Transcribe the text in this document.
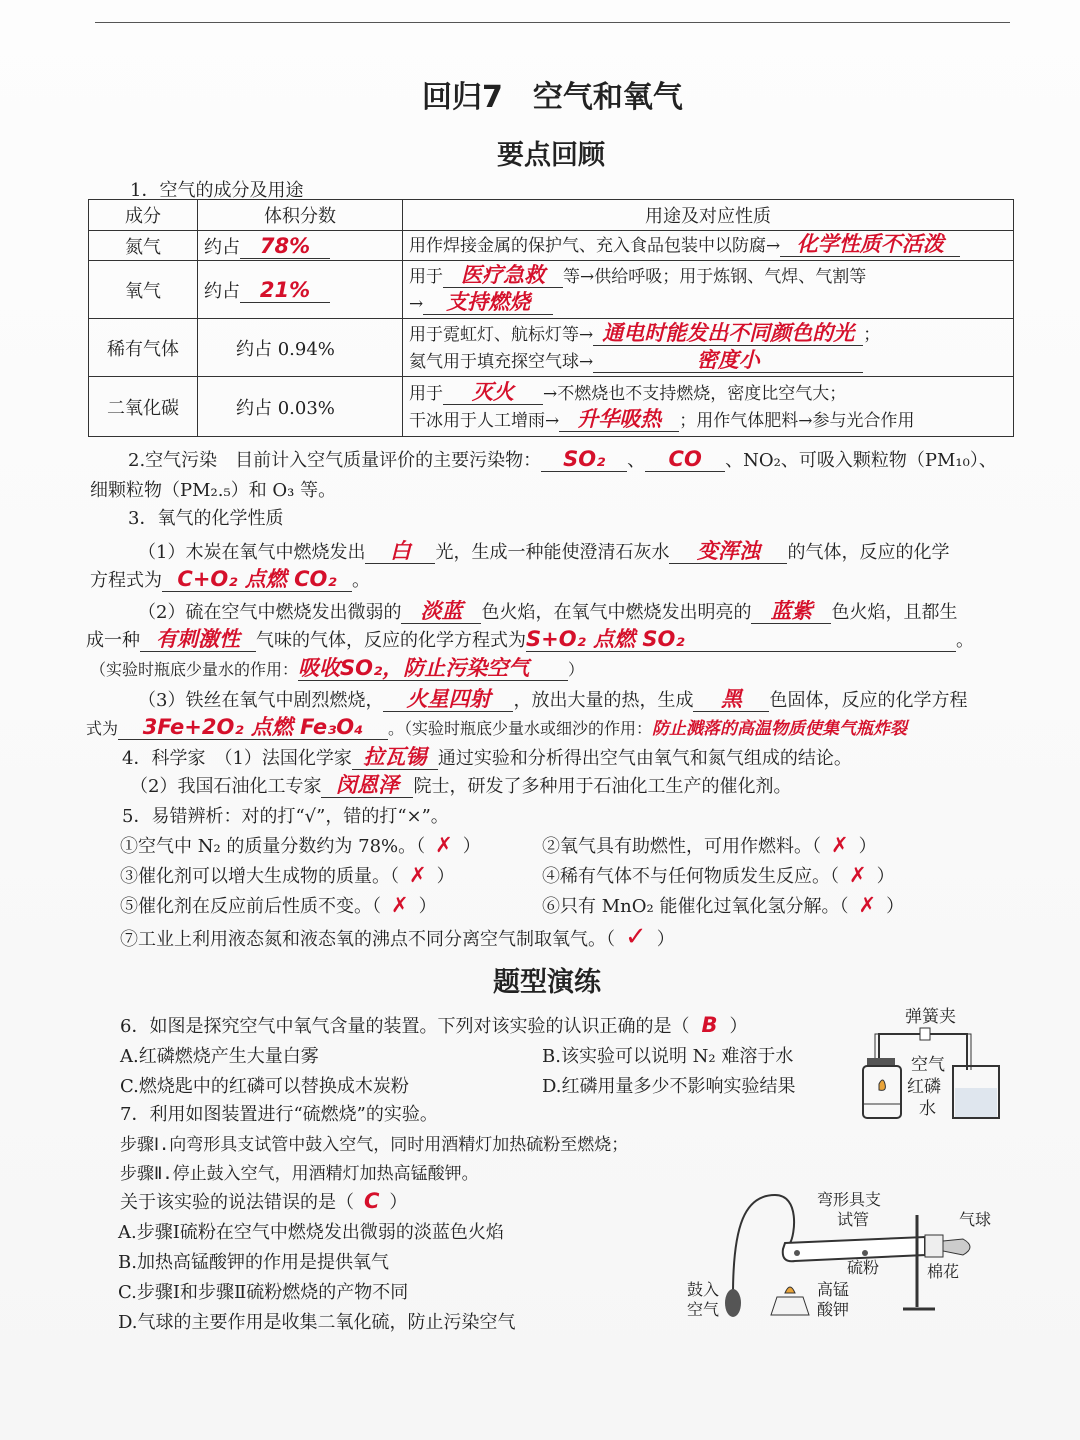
回归7　空气和氧气
要点回顾
1．空气的成分及用途
成分	体积分数	用途及对应性质
氮气	约占 78%	用作焊接金属的保护气、充入食品包装中以防腐→ 化学性质不活泼
氧气	约占 21%	用于 医疗急救 等→供给呼吸；用于炼钢、气焊、气割等
→ 支持燃烧
稀有气体	约占 0.94%	用于霓虹灯、航标灯等→ 通电时能发出不同颜色的光 ；
氦气用于填充探空气球→ 密度小
二氧化碳	约占 0.03%	用于 灭火 →不燃烧也不支持燃烧，密度比空气大；
干冰用于人工增雨→ 升华吸热 ；用作气体肥料→参与光合作用
2.空气污染　目前计入空气质量评价的主要污染物： SO₂ 、 CO 、NO₂、可吸入颗粒物（PM₁₀）、
细颗粒物（PM₂.₅）和 O₃ 等。
3．氧气的化学性质
（1）木炭在氧气中燃烧发出 白 光，生成一种能使澄清石灰水 变浑浊 的气体，反应的化学
方程式为 C+O₂ 点燃 CO₂ 。
（2）硫在空气中燃烧发出微弱的 淡蓝 色火焰，在氧气中燃烧发出明亮的 蓝紫 色火焰，且都生
成一种 有刺激性 气味的气体，反应的化学方程式为S+O₂ 点燃 SO₂	。
（实验时瓶底少量水的作用：吸收SO₂，防止污染空气 ）
（3）铁丝在氧气中剧烈燃烧， 火星四射 ，放出大量的热，生成 黑 色固体，反应的化学方程
式为 3Fe+2O₂ 点燃 Fe₃O₄ 。（实验时瓶底少量水或细沙的作用：防止溅落的高温物质使集气瓶炸裂
4．科学家　（1）法国化学家 拉瓦锡 通过实验和分析得出空气由氧气和氮气组成的结论。
（2）我国石油化工专家 闵恩泽 院士，研发了多种用于石油化工生产的催化剂。
5．易错辨析：对的打“√”，错的打“×”。
①空气中 N₂ 的质量分数约为 78%。（ ✗ ）	②氧气具有助燃性，可用作燃料。（ ✗ ）
③催化剂可以增大生成物的质量。（ ✗ ）	④稀有气体不与任何物质发生反应。（ ✗ ）
⑤催化剂在反应前后性质不变。（ ✗ ）	⑥只有 MnO₂ 能催化过氧化氢分解。（ ✗ ）
⑦工业上利用液态氮和液态氧的沸点不同分离空气制取氧气。（ ✓ ）
题型演练
6．如图是探究空气中氧气含量的装置。下列对该实验的认识正确的是（ B ）
A.红磷燃烧产生大量白雾	B.该实验可以说明 N₂ 难溶于水
C.燃烧匙中的红磷可以替换成木炭粉	D.红磷用量多少不影响实验结果
弹簧夹
空气
红磷
水
7．利用如图装置进行“硫燃烧”的实验。
步骤Ⅰ.向弯形具支试管中鼓入空气，同时用酒精灯加热硫粉至燃烧；
步骤Ⅱ.停止鼓入空气，用酒精灯加热高锰酸钾。
关于该实验的说法错误的是（ C ）
A.步骤Ⅰ硫粉在空气中燃烧发出微弱的淡蓝色火焰
B.加热高锰酸钾的作用是提供氧气
C.步骤Ⅰ和步骤Ⅱ硫粉燃烧的产物不同
D.气球的主要作用是收集二氧化硫，防止污染空气
弯形具支
试管	气球
硫粉	棉花
高锰
酸钾
鼓入
空气
